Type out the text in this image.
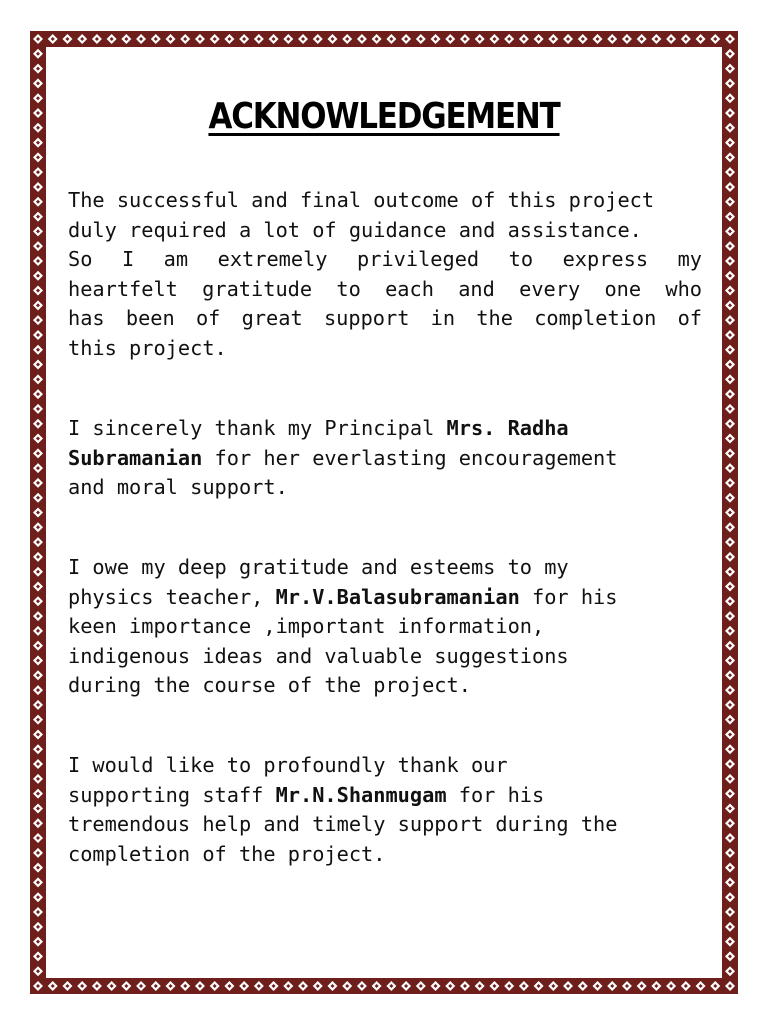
ACKNOWLEDGEMENT
The successful and final outcome of this project
duly required a lot of guidance and assistance.
So I am extremely privileged to express my
heartfelt gratitude to each and every one who
has been of great support in the completion of
this project.
I sincerely thank my Principal Mrs. Radha
Subramanian for her everlasting encouragement
and moral support.
I owe my deep gratitude and esteems to my
physics teacher, Mr.V.Balasubramanian for his
keen importance ,important information,
indigenous ideas and valuable suggestions
during the course of the project.
I would like to profoundly thank our
supporting staff Mr.N.Shanmugam for his
tremendous help and timely support during the
completion of the project.
